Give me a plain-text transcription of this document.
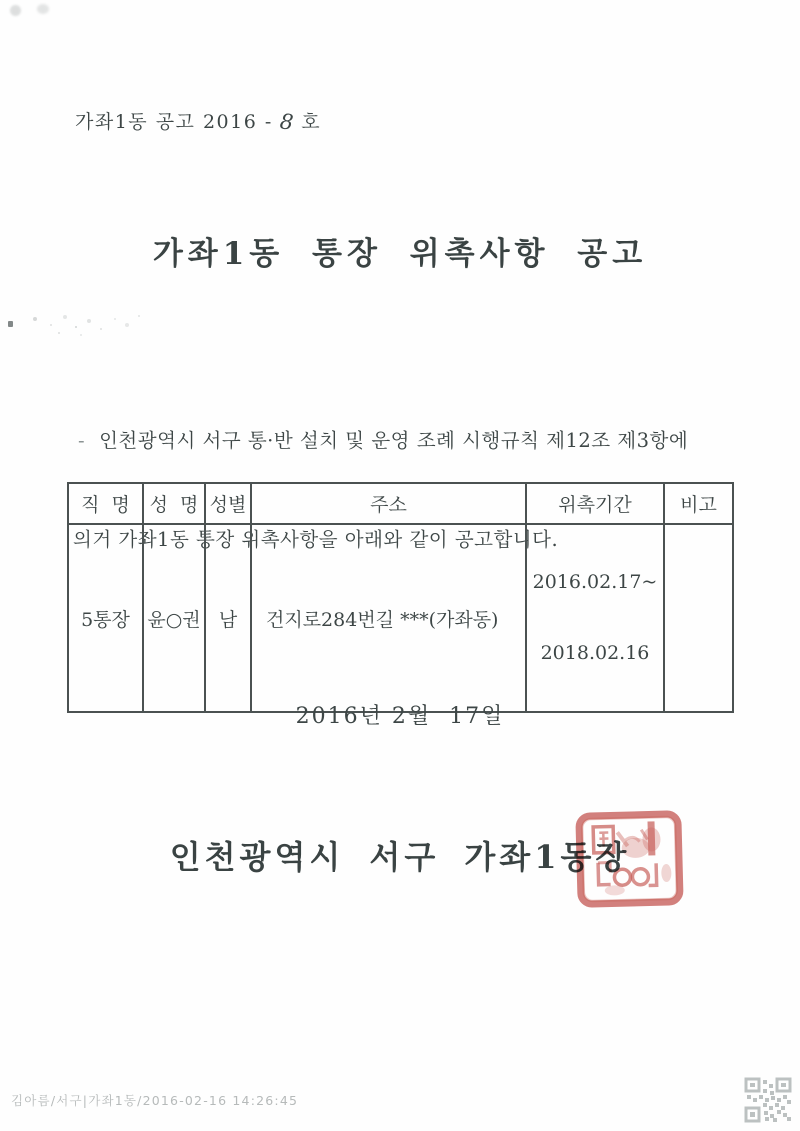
가좌1동 공고 2016 - 8 호
가좌1동 통장 위촉사항 공고

- 인천광역시 서구 통·반 설치 및 운영 조례 시행규칙 제12조 제3항에

의거 가좌1동 통장 위촉사항을 아래와 같이 공고합니다.

직  명	성  명	성별	주소	위촉기간	비고
5통장	윤○권	남	건지로284번길 ***(가좌동)	2016.02.17~

2018.02.16	

2016년 2월  17일
인천광역시 서구 가좌1동장
김아름/서구|가좌1동/2016-02-16 14:26:45
